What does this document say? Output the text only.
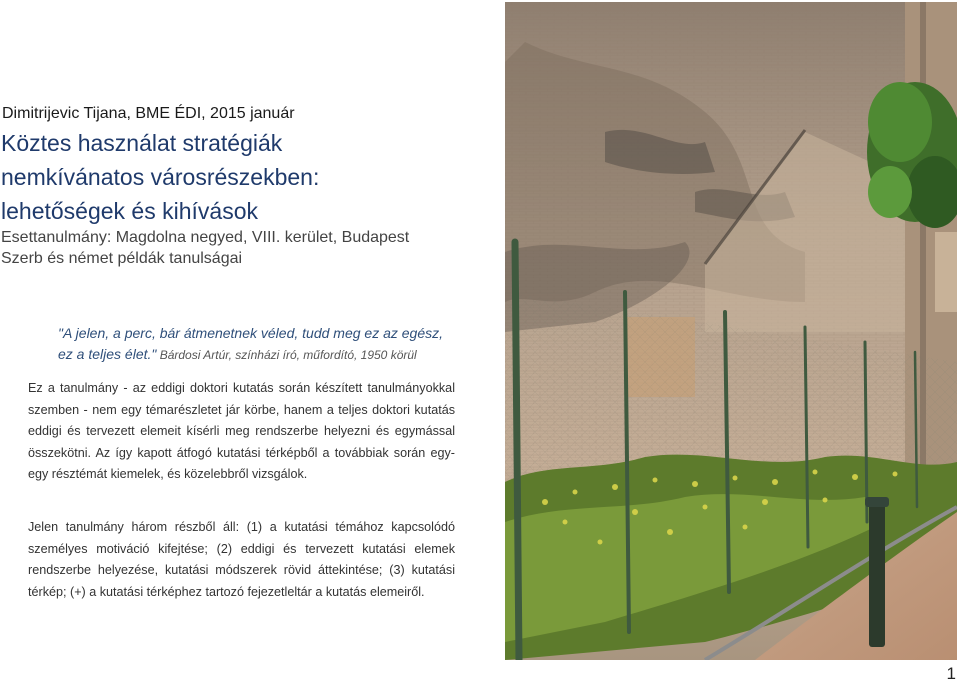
Dimitrijevic Tijana, BME ÉDI, 2015 január
Köztes használat stratégiák
nemkívánatos városrészekben:
lehetőségek és kihívások
Esettanulmány: Magdolna negyed, VIII. kerület, Budapest
Szerb és német példák tanulságai
"A jelen, a perc, bár átmenetnek véled, tudd meg ez az egész, ez a teljes élet." Bárdosi Artúr, színházi író, műfordító, 1950 körül

Ez a tanulmány - az eddigi doktori kutatás során készített tanulmányokkal szemben - nem egy témarészletet jár körbe, hanem a teljes doktori kutatás eddigi és tervezett elemeit kísérli meg rendszerbe helyezni és egymással összekötni. Az így kapott átfogó kutatási térképből a továbbiak során egy-egy résztémát kiemelek, és közelebbről vizsgálok.

Jelen tanulmány három részből áll: (1) a kutatási témához kapcsolódó személyes motiváció kifejtése; (2) eddigi és tervezett kutatási elemek rendszerbe helyezése, kutatási módszerek rövid áttekintése; (3) kutatási térkép; (+) a kutatási térképhez tartozó fejezetleltár a kutatás elemeiről.

1
